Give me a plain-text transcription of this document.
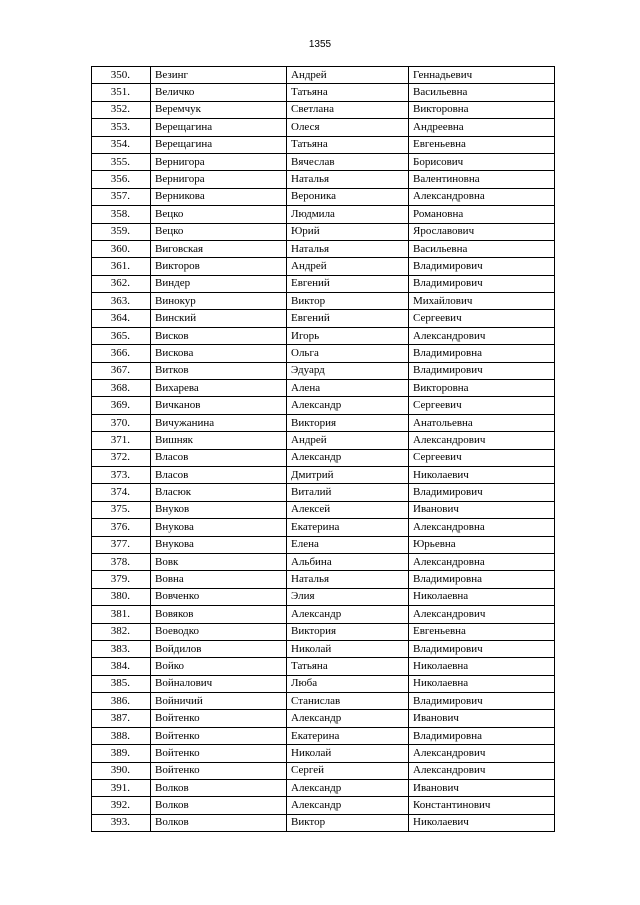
1355
350.	Везинг	Андрей	Геннадьевич
351.	Величко	Татьяна	Васильевна
352.	Веремчук	Светлана	Викторовна
353.	Верещагина	Олеся	Андреевна
354.	Верещагина	Татьяна	Евгеньевна
355.	Вернигора	Вячеслав	Борисович
356.	Вернигора	Наталья	Валентиновна
357.	Верникова	Вероника	Александровна
358.	Вецко	Людмила	Романовна
359.	Вецко	Юрий	Ярославович
360.	Виговская	Наталья	Васильевна
361.	Викторов	Андрей	Владимирович
362.	Виндер	Евгений	Владимирович
363.	Винокур	Виктор	Михайлович
364.	Винский	Евгений	Сергеевич
365.	Висков	Игорь	Александрович
366.	Вискова	Ольга	Владимировна
367.	Витков	Эдуард	Владимирович
368.	Вихарева	Алена	Викторовна
369.	Вичканов	Александр	Сергеевич
370.	Вичужанина	Виктория	Анатольевна
371.	Вишняк	Андрей	Александрович
372.	Власов	Александр	Сергеевич
373.	Власов	Дмитрий	Николаевич
374.	Власюк	Виталий	Владимирович
375.	Внуков	Алексей	Иванович
376.	Внукова	Екатерина	Александровна
377.	Внукова	Елена	Юрьевна
378.	Вовк	Альбина	Александровна
379.	Вовна	Наталья	Владимировна
380.	Вовченко	Элия	Николаевна
381.	Вовяков	Александр	Александрович
382.	Воеводко	Виктория	Евгеньевна
383.	Войдилов	Николай	Владимирович
384.	Войко	Татьяна	Николаевна
385.	Войналович	Люба	Николаевна
386.	Войничий	Станислав	Владимирович
387.	Войтенко	Александр	Иванович
388.	Войтенко	Екатерина	Владимировна
389.	Войтенко	Николай	Александрович
390.	Войтенко	Сергей	Александрович
391.	Волков	Александр	Иванович
392.	Волков	Александр	Константинович
393.	Волков	Виктор	Николаевич
